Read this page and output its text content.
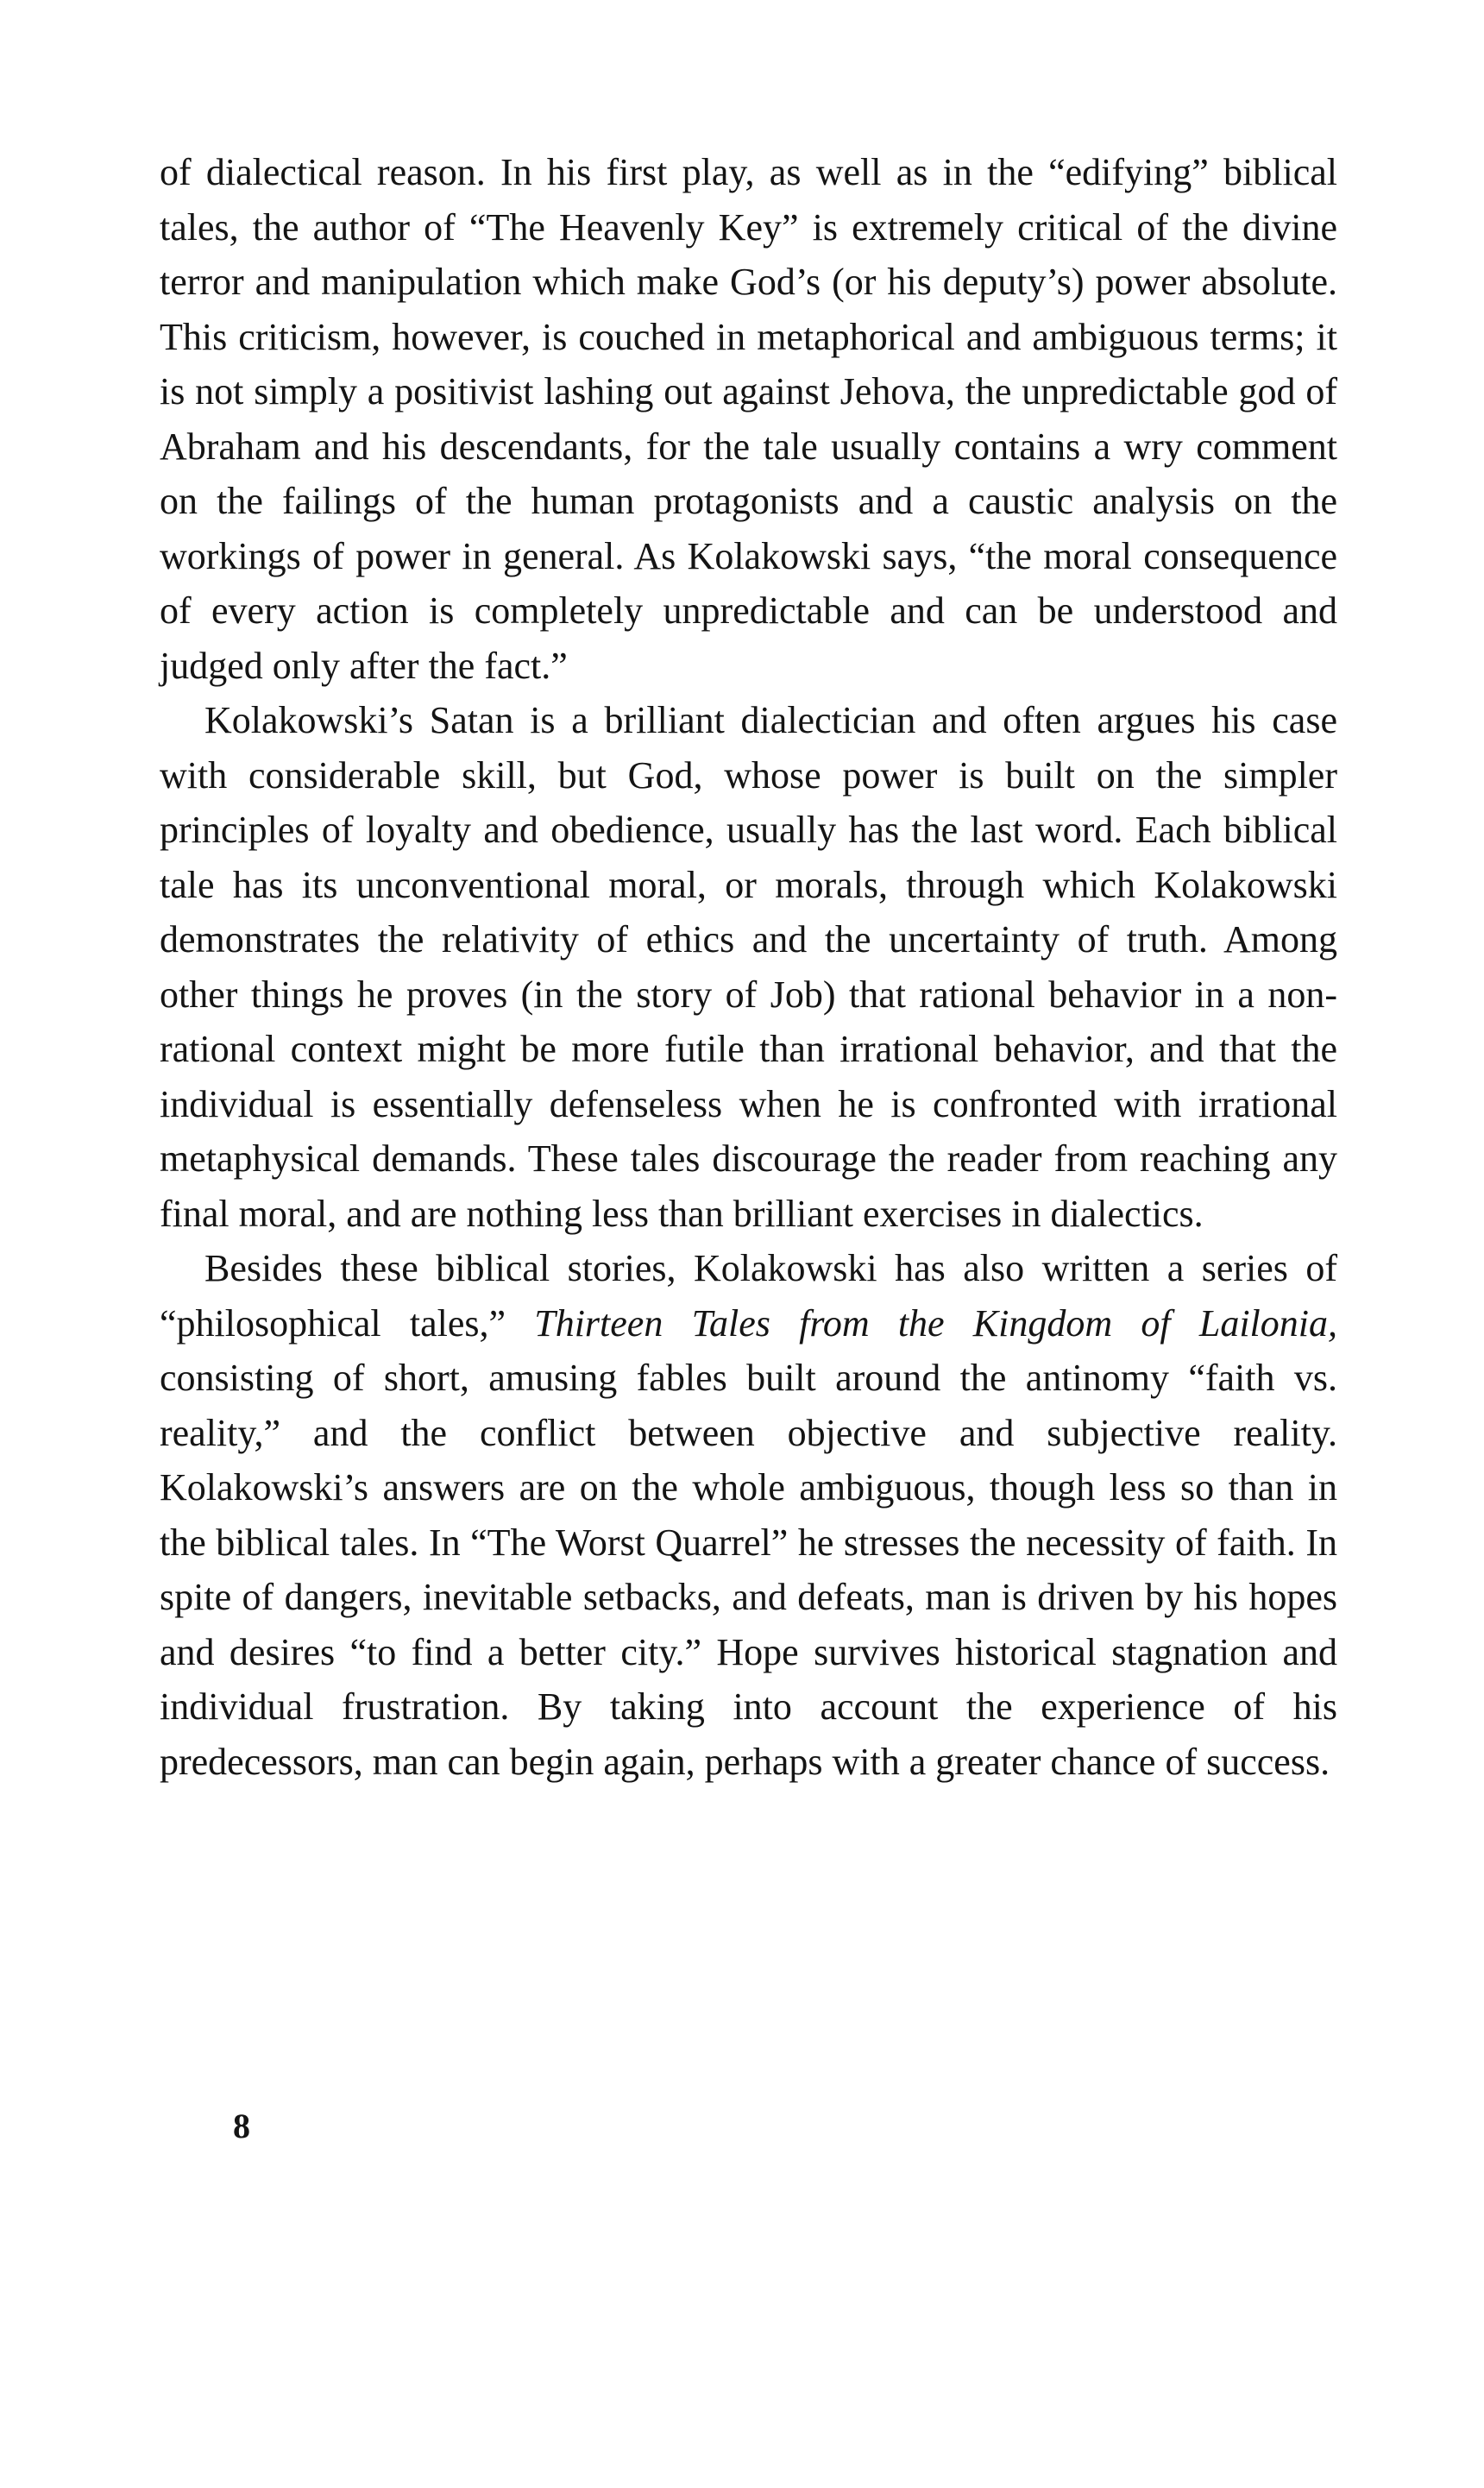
of dialectical reason. In his first play, as well as in the “edifying” biblical tales, the author of “The Heavenly Key” is extremely critical of the divine terror and manipulation which make God’s (or his deputy’s) power absolute. This criticism, however, is couched in metaphorical and ambiguous terms; it is not simply a positivist lashing out against Jehova, the unpredictable god of Abraham and his descendants, for the tale usually contains a wry comment on the failings of the human protagonists and a caustic analysis on the workings of power in general. As Kolakowski says, “the moral consequence of every action is completely unpredictable and can be understood and judged only after the fact.”

Kolakowski’s Satan is a brilliant dialectician and often argues his case with considerable skill, but God, whose power is built on the simpler principles of loyalty and obedience, usually has the last word. Each biblical tale has its unconventional moral, or morals, through which Kolakowski demonstrates the relativity of ethics and the uncertainty of truth. Among other things he proves (in the story of Job) that rational behavior in a non-rational context might be more futile than irrational behavior, and that the individual is essentially defenseless when he is confronted with irrational metaphysical demands. These tales discourage the reader from reaching any final moral, and are nothing less than brilliant exercises in dialectics.

Besides these biblical stories, Kolakowski has also written a series of “philosophical tales,” Thirteen Tales from the Kingdom of Lailonia, consisting of short, amusing fables built around the antinomy “faith vs. reality,” and the conflict between objective and subjective reality. Kolakowski’s answers are on the whole ambiguous, though less so than in the biblical tales. In “The Worst Quarrel” he stresses the necessity of faith. In spite of dangers, inevitable setbacks, and defeats, man is driven by his hopes and desires “to find a better city.” Hope survives historical stagnation and individual frustration. By taking into account the experience of his predecessors, man can begin again, perhaps with a greater chance of success.

8
